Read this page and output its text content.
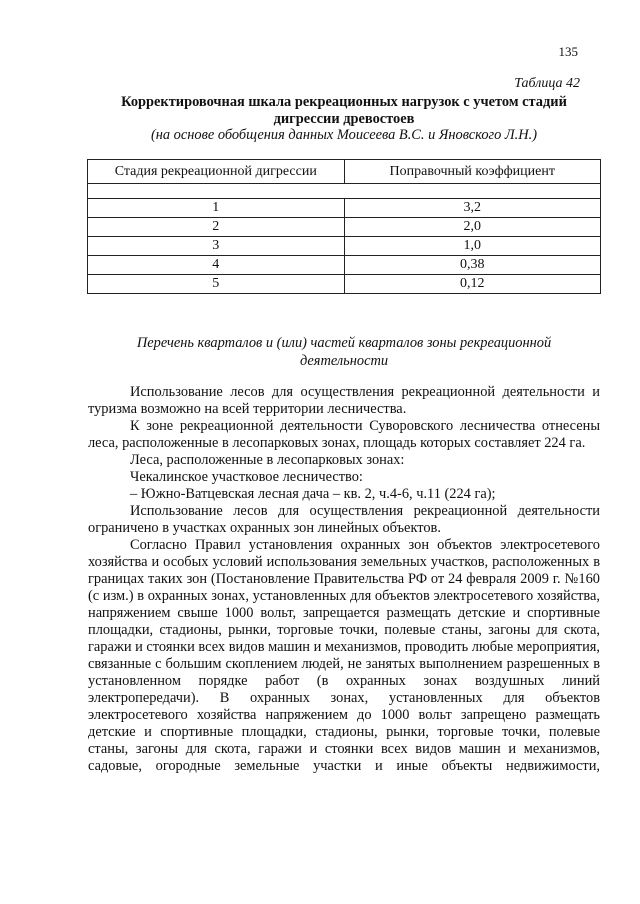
135
Таблица 42
Корректировочная шкала рекреационных нагрузок с учетом стадий
дигрессии древостоев
(на основе обобщения данных Моисеева В.С. и Яновского Л.Н.)
Стадия рекреационной дигрессии	Поправочный коэффициент

1	3,2
2	2,0
3	1,0
4	0,38
5	0,12
Перечень кварталов и (или) частей кварталов зоны рекреационной
деятельности

Использование лесов для осуществления рекреационной деятельности и туризма возможно на всей территории лесничества.

К зоне рекреационной деятельности Суворовского лесничества отнесены леса, расположенные в лесопарковых зонах, площадь которых составляет 224 га.

Леса, расположенные в лесопарковых зонах:

Чекалинское участковое лесничество:

– Южно-Ватцевская лесная дача – кв. 2, ч.4-6, ч.11 (224 га);

Использование лесов для осуществления рекреационной деятельности ограничено в участках охранных зон линейных объектов.

Согласно Правил установления охранных зон объектов электросетевого хозяйства и особых условий использования земельных участков, расположенных в границах таких зон (Постановление Правительства РФ от 24 февраля 2009 г. №160 (с изм.) в охранных зонах, установленных для объектов электросетевого хозяйства, напряжением свыше 1000 вольт, запрещается размещать детские и спортивные площадки, стадионы, рынки, торговые точки, полевые станы, загоны для скота, гаражи и стоянки всех видов машин и механизмов, проводить любые мероприятия, связанные с большим скоплением людей, не занятых выполнением разрешенных в установленном порядке работ (в охранных зонах воздушных линий электропередачи). В охранных зонах, установленных для объектов электросетевого хозяйства напряжением до 1000 вольт запрещено размещать детские и спортивные площадки, стадионы, рынки, торговые точки, полевые станы, загоны для скота, гаражи и стоянки всех видов машин и механизмов, садовые, огородные земельные участки и иные объекты недвижимости,
